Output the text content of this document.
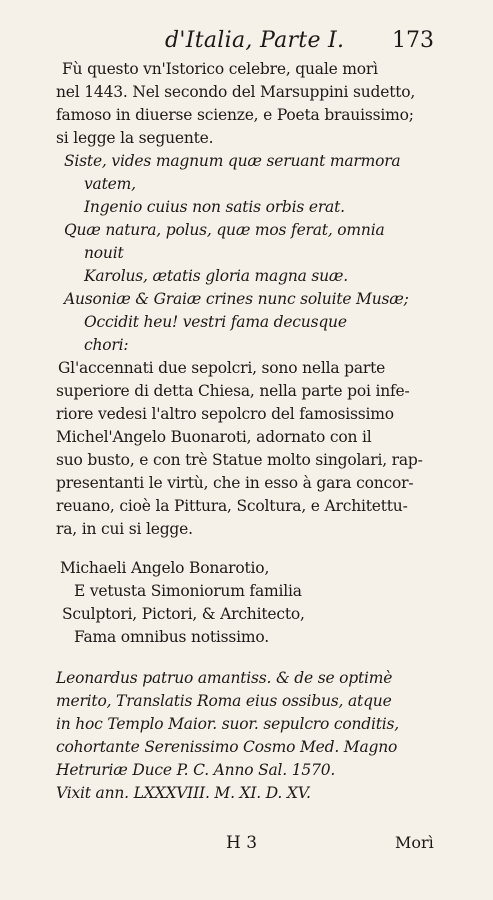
d'Italia, Parte I. 173
Fù questo vn'Istorico celebre, quale morì
nel 1443. Nel secondo del Marsuppini sudetto,
famoso in diuerse scienze, e Poeta brauissimo;
si legge la seguente.
Siste, vides magnum quæ seruant marmora
vatem,
Ingenio cuius non satis orbis erat.
Quæ natura, polus, quæ mos ferat, omnia
nouit
Karolus, ætatis gloria magna suæ.
Ausoniæ & Graiæ crines nunc soluite Musæ;
Occidit heu! vestri fama decusque
chori:
Gl'accennati due sepolcri, sono nella parte
superiore di detta Chiesa, nella parte poi infe-
riore vedesi l'altro sepolcro del famosissimo
Michel'Angelo Buonaroti, adornato con il
suo busto, e con trè Statue molto singolari, rap-
presentanti le virtù, che in esso à gara concor-
reuano, cioè la Pittura, Scoltura, e Architettu-
ra, in cui si legge.
Michaeli Angelo Bonarotio,
E vetusta Simoniorum familia
Sculptori, Pictori, & Architecto,
Fama omnibus notissimo.
Leonardus patruo amantiss. & de se optimè
merito, Translatis Roma eius ossibus, atque
in hoc Templo Maior. suor. sepulcro conditis,
cohortante Serenissimo Cosmo Med. Magno
Hetruriæ Duce P. C. Anno Sal. 1570.
Vixit ann. LXXXVIII. M. XI. D. XV.
H 3	Morì
